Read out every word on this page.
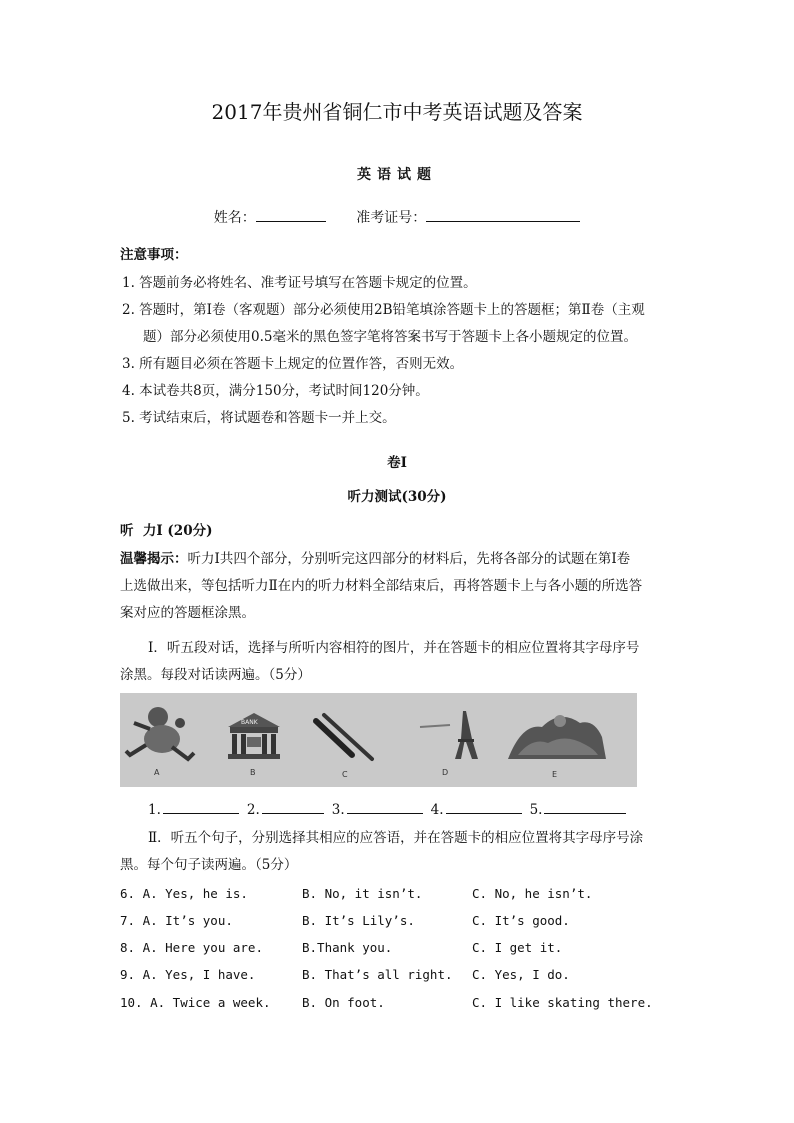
2017年贵州省铜仁市中考英语试题及答案
英语试题
姓名：	准考证号：
注意事项：
1. 答题前务必将姓名、准考证号填写在答题卡规定的位置。
2. 答题时，第Ⅰ卷（客观题）部分必须使用2B铅笔填涂答题卡上的答题框；第Ⅱ卷（主观
题）部分必须使用0.5毫米的黑色签字笔将答案书写于答题卡上各小题规定的位置。
3. 所有题目必须在答题卡上规定的位置作答，否则无效。
4. 本试卷共8页，满分150分，考试时间120分钟。
5. 考试结束后，将试题卷和答题卡一并上交。
卷Ⅰ
听力测试(30分)
听  力Ⅰ (20分)
温馨揭示：听力Ⅰ共四个部分，分别听完这四部分的材料后，先将各部分的试题在第Ⅰ卷
上选做出来，等包括听力Ⅱ在内的听力材料全部结束后，再将答题卡上与各小题的所选答
案对应的答题框涂黑。
Ⅰ．听五段对话，选择与所听内容相符的图片，并在答题卡的相应位置将其字母序号
涂黑。每段对话读两遍。（5分）
A
BANK
B	C	D	E
1.	2.	3.	4.	5.
Ⅱ．听五个句子，分别选择其相应的应答语，并在答题卡的相应位置将其字母序号涂
黑。每个句子读两遍。（5分）
6. A. Yes, he is.	B. No, it isn’t.	C. No, he isn’t.
7. A. It’s you.	B. It’s Lily’s.	C. It’s good.
8. A. Here you are.	B.Thank you.	C. I get it.
9. A. Yes, I have.	B. That’s all right. C. Yes, I do.
10. A. Twice a week.	B. On foot.	C. I like skating there.
